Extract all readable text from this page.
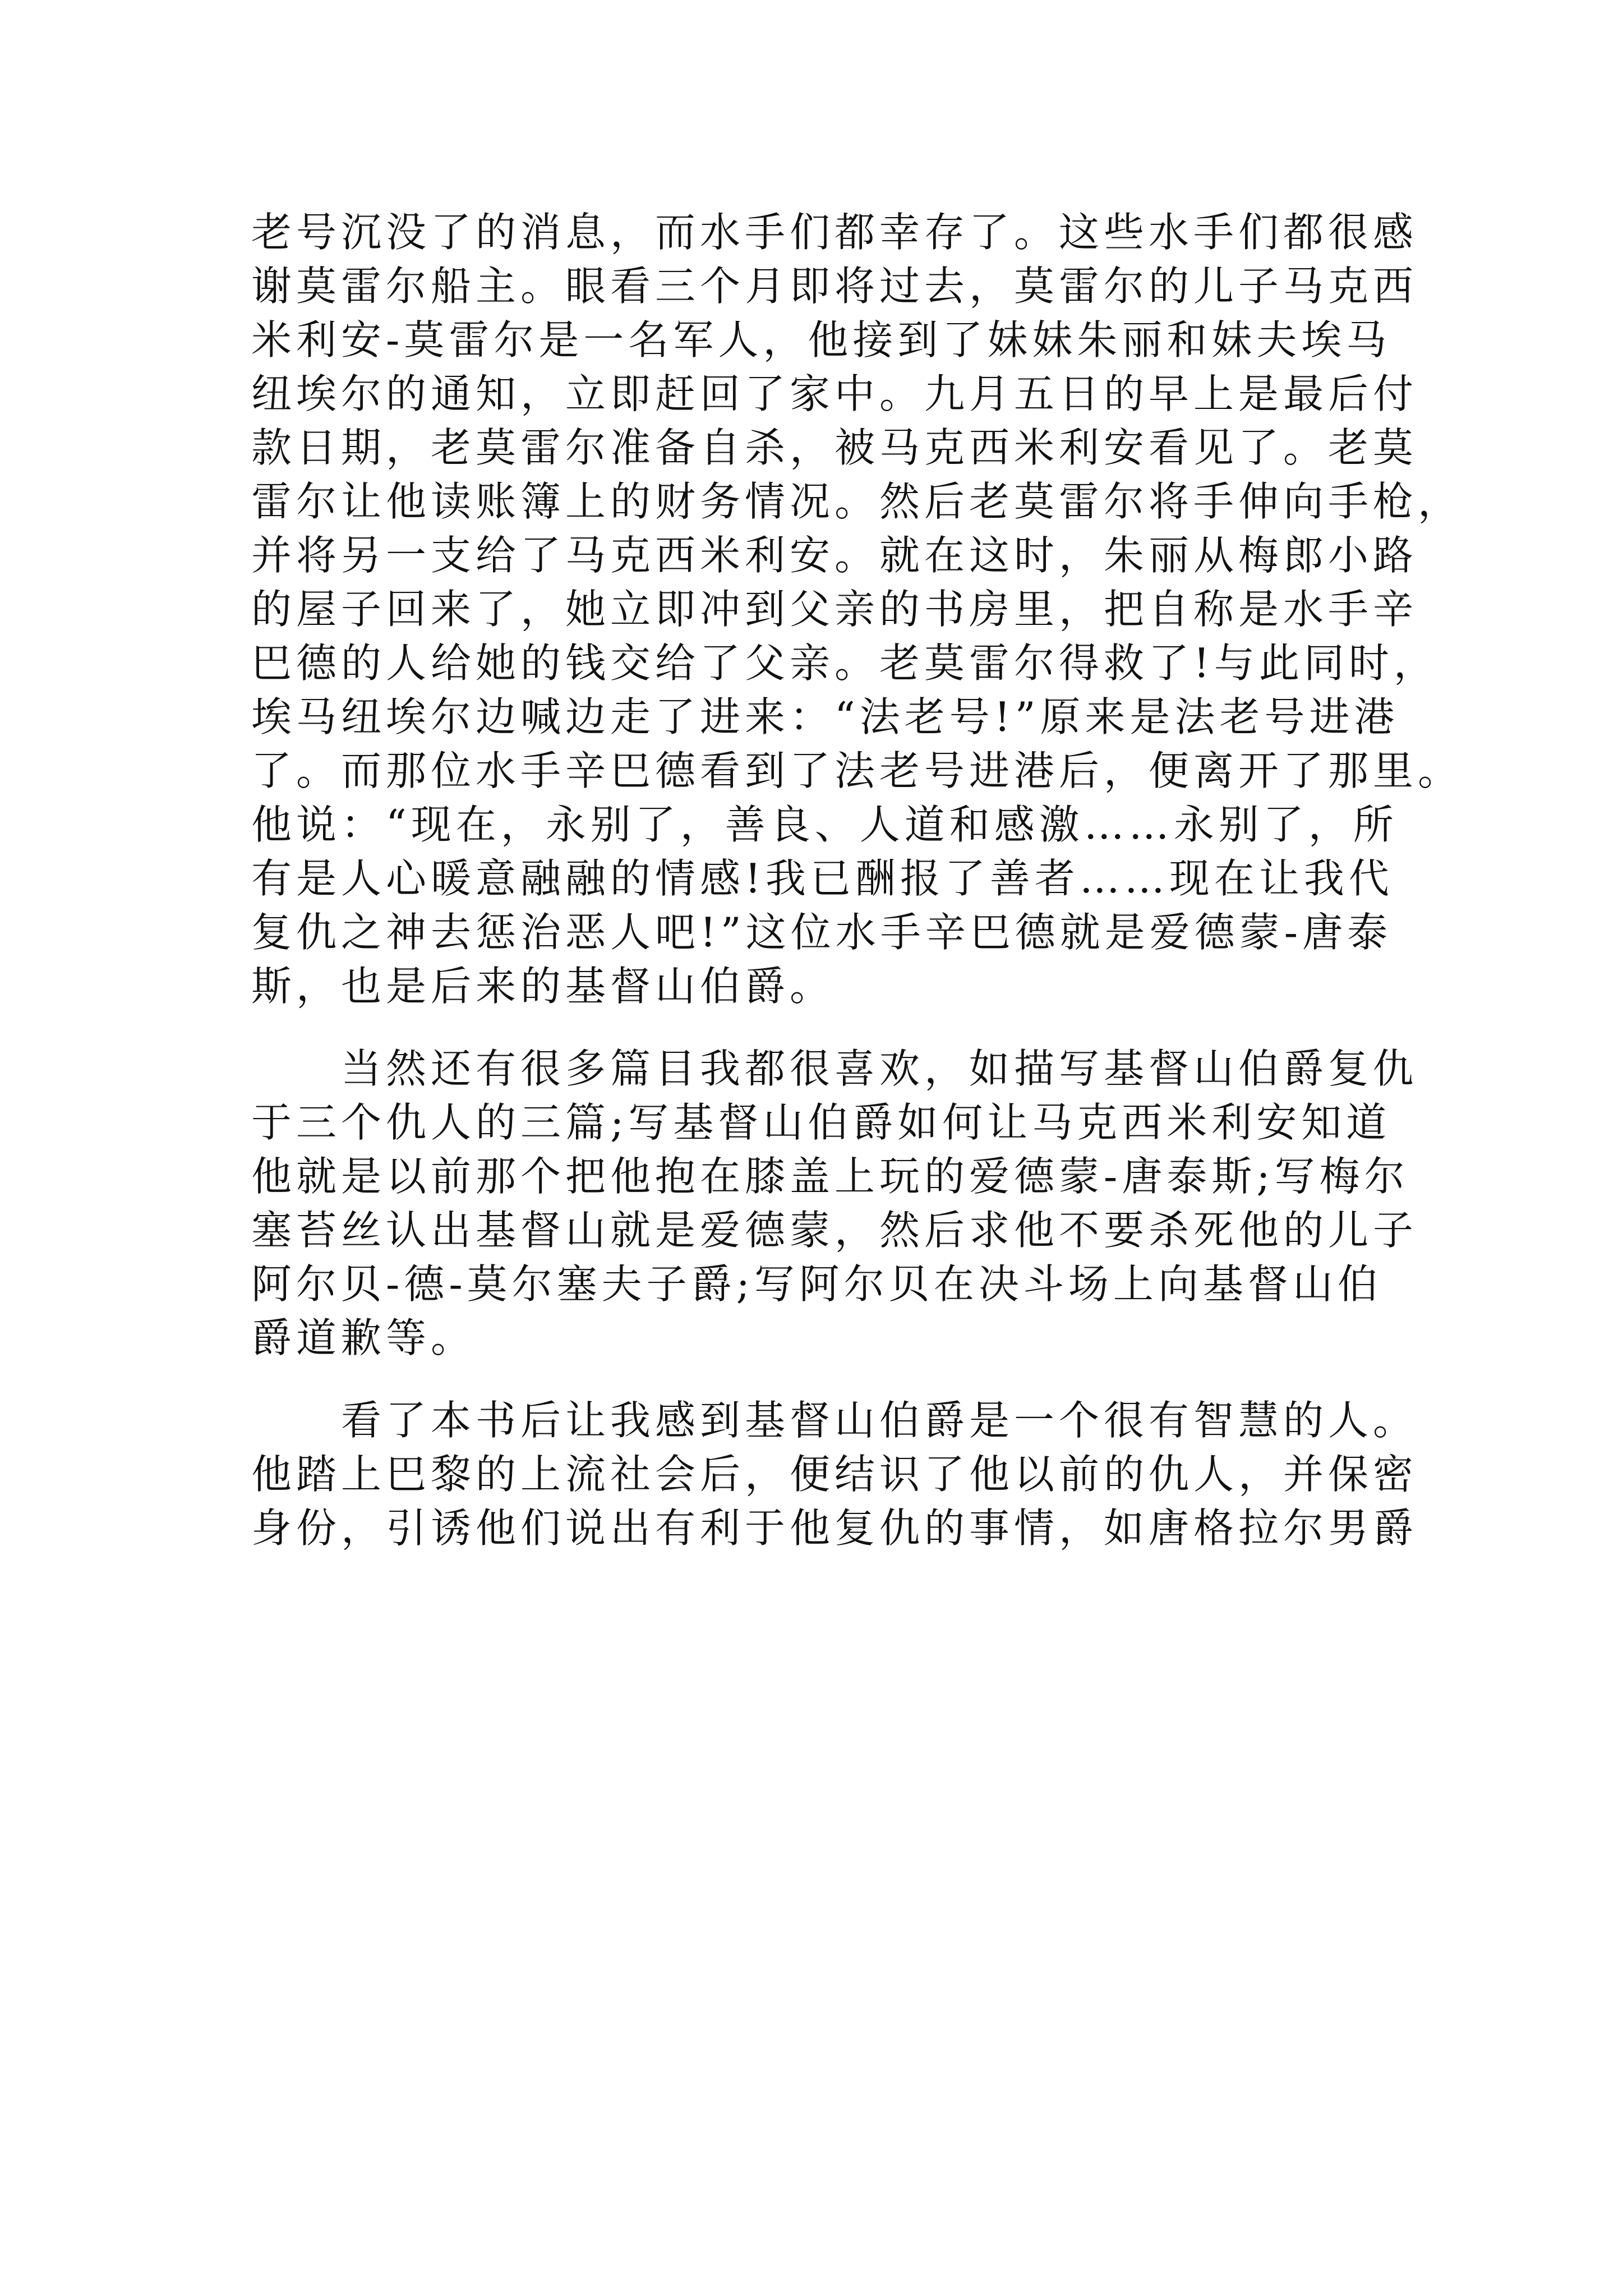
老号沉没了的消息，而水手们都幸存了。这些水手们都很感
谢莫雷尔船主。眼看三个月即将过去，莫雷尔的儿子马克西
米利安-莫雷尔是一名军人，他接到了妹妹朱丽和妹夫埃马
纽埃尔的通知，立即赶回了家中。九月五日的早上是最后付
款日期，老莫雷尔准备自杀，被马克西米利安看见了。老莫
雷尔让他读账簿上的财务情况。然后老莫雷尔将手伸向手枪，
并将另一支给了马克西米利安。就在这时，朱丽从梅郎小路
的屋子回来了，她立即冲到父亲的书房里，把自称是水手辛
巴德的人给她的钱交给了父亲。老莫雷尔得救了!与此同时，
埃马纽埃尔边喊边走了进来：“法老号!”原来是法老号进港
了。而那位水手辛巴德看到了法老号进港后，便离开了那里。
他说：“现在，永别了，善良、人道和感激……永别了，所
有是人心暖意融融的情感!我已酬报了善者……现在让我代
复仇之神去惩治恶人吧!”这位水手辛巴德就是爱德蒙-唐泰
斯，也是后来的基督山伯爵。
当然还有很多篇目我都很喜欢，如描写基督山伯爵复仇
于三个仇人的三篇;写基督山伯爵如何让马克西米利安知道
他就是以前那个把他抱在膝盖上玩的爱德蒙-唐泰斯;写梅尔
塞苔丝认出基督山就是爱德蒙，然后求他不要杀死他的儿子
阿尔贝-德-莫尔塞夫子爵;写阿尔贝在决斗场上向基督山伯
爵道歉等。
看了本书后让我感到基督山伯爵是一个很有智慧的人。
他踏上巴黎的上流社会后，便结识了他以前的仇人，并保密
身份，引诱他们说出有利于他复仇的事情，如唐格拉尔男爵
